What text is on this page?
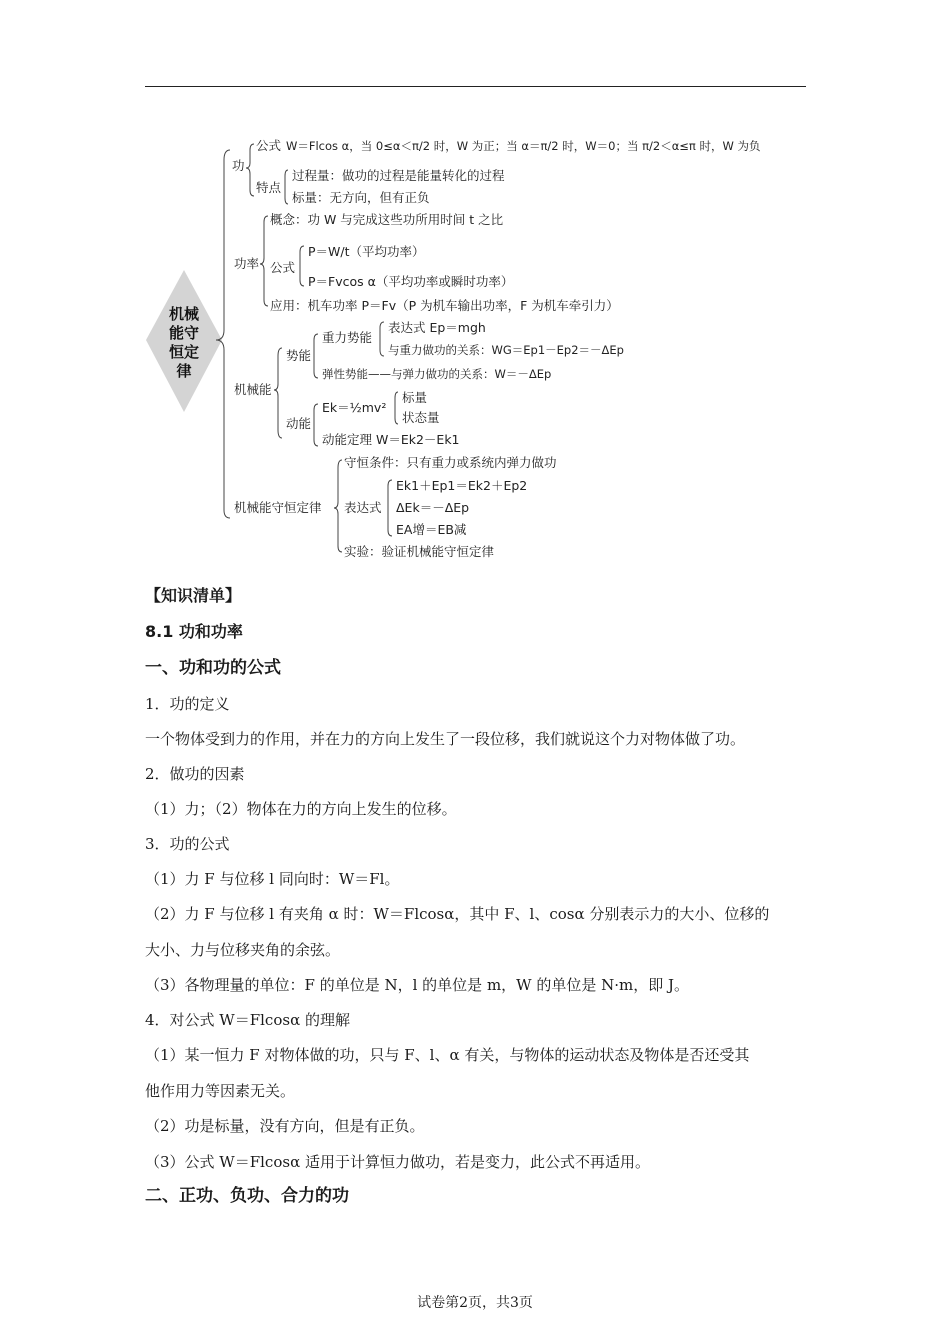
机械
能守
恒定
律
功
公式 W＝Flcos α，当 0≤α＜π/2 时，W 为正；当 α＝π/2 时，W＝0；当 π/2＜α≤π 时，W 为负
特点
过程量：做功的过程是能量转化的过程
标量：无方向，但有正负
功率
概念：功 W 与完成这些功所用时间 t 之比
公式
P＝W/t（平均功率）
P＝Fvcos α（平均功率或瞬时功率）
应用：机车功率 P＝Fv（P 为机车输出功率，F 为机车牵引力）
机械能
势能
重力势能
表达式 Ep＝mgh
与重力做功的关系：WG＝Ep1－Ep2＝－ΔEp
弹性势能——与弹力做功的关系：W＝－ΔEp
动能
Ek＝½mv²
标量
状态量
动能定理 W＝Ek2－Ek1
机械能守恒定律
守恒条件：只有重力或系统内弹力做功
表达式
Ek1＋Ep1＝Ek2＋Ep2
ΔEk＝－ΔEp
EA增＝EB减
实验：验证机械能守恒定律
【知识清单】
8.1 功和功率
一、功和功的公式
1．功的定义
一个物体受到力的作用，并在力的方向上发生了一段位移，我们就说这个力对物体做了功。
2．做功的因素
（1）力；（2）物体在力的方向上发生的位移。
3．功的公式
（1）力 F 与位移 l 同向时：W＝Fl。
（2）力 F 与位移 l 有夹角 α 时：W＝Flcosα，其中 F、l、cosα 分别表示力的大小、位移的
大小、力与位移夹角的余弦。
（3）各物理量的单位：F 的单位是 N，l 的单位是 m，W 的单位是 N·m，即 J。
4．对公式 W＝Flcosα 的理解
（1）某一恒力 F 对物体做的功，只与 F、l、α 有关，与物体的运动状态及物体是否还受其
他作用力等因素无关。
（2）功是标量，没有方向，但是有正负。
（3）公式 W＝Flcosα 适用于计算恒力做功，若是变力，此公式不再适用。
二、正功、负功、合力的功
试卷第2页，共3页
